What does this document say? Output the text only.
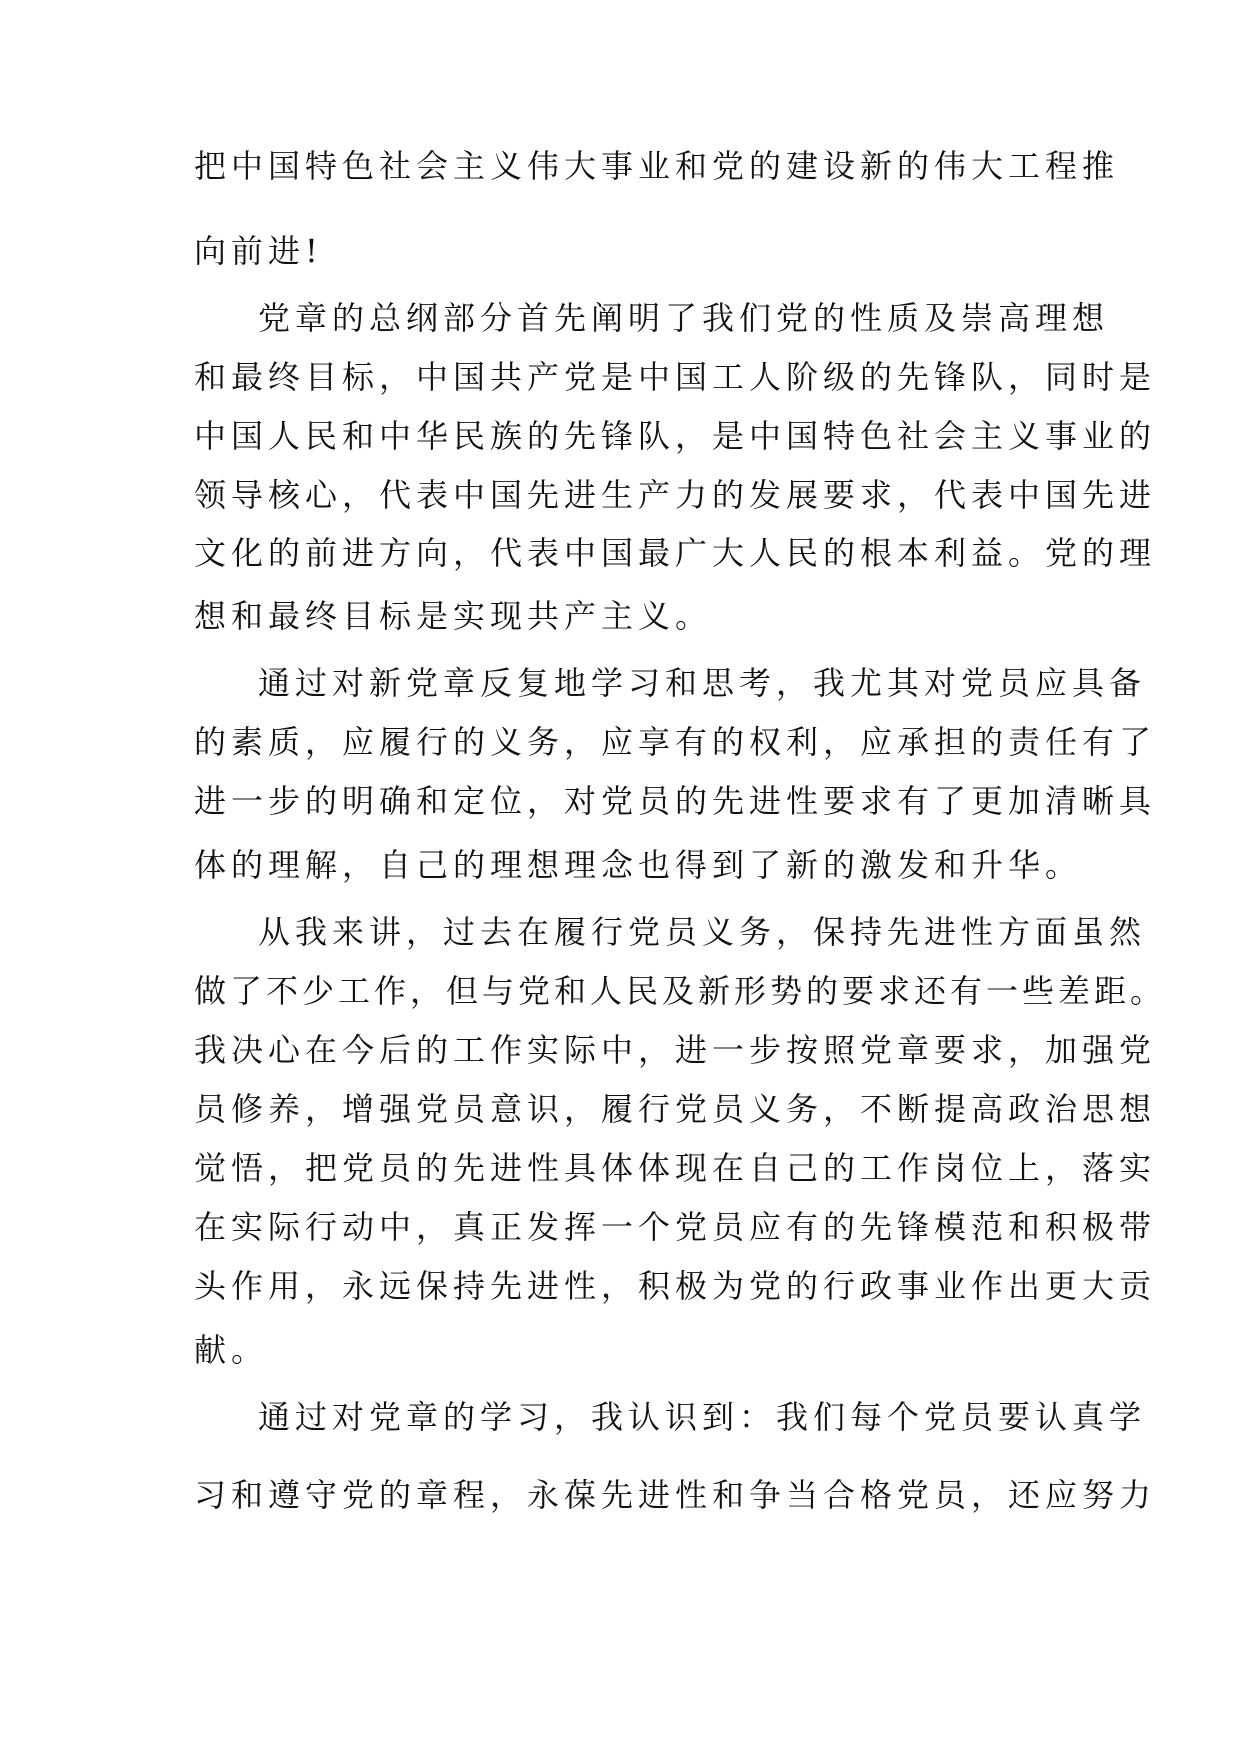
把中国特色社会主义伟大事业和党的建设新的伟大工程推

向前进!

党章的总纲部分首先阐明了我们党的性质及崇高理想

和最终目标，中国共产党是中国工人阶级的先锋队，同时是

中国人民和中华民族的先锋队，是中国特色社会主义事业的

领导核心，代表中国先进生产力的发展要求，代表中国先进

文化的前进方向，代表中国最广大人民的根本利益。党的理

想和最终目标是实现共产主义。

通过对新党章反复地学习和思考，我尤其对党员应具备

的素质，应履行的义务，应享有的权利，应承担的责任有了

进一步的明确和定位，对党员的先进性要求有了更加清晰具

体的理解，自己的理想理念也得到了新的激发和升华。

从我来讲，过去在履行党员义务，保持先进性方面虽然

做了不少工作，但与党和人民及新形势的要求还有一些差距。

我决心在今后的工作实际中，进一步按照党章要求，加强党

员修养，增强党员意识，履行党员义务，不断提高政治思想

觉悟，把党员的先进性具体体现在自己的工作岗位上，落实

在实际行动中，真正发挥一个党员应有的先锋模范和积极带

头作用，永远保持先进性，积极为党的行政事业作出更大贡

献。

通过对党章的学习，我认识到：我们每个党员要认真学

习和遵守党的章程，永葆先进性和争当合格党员，还应努力
